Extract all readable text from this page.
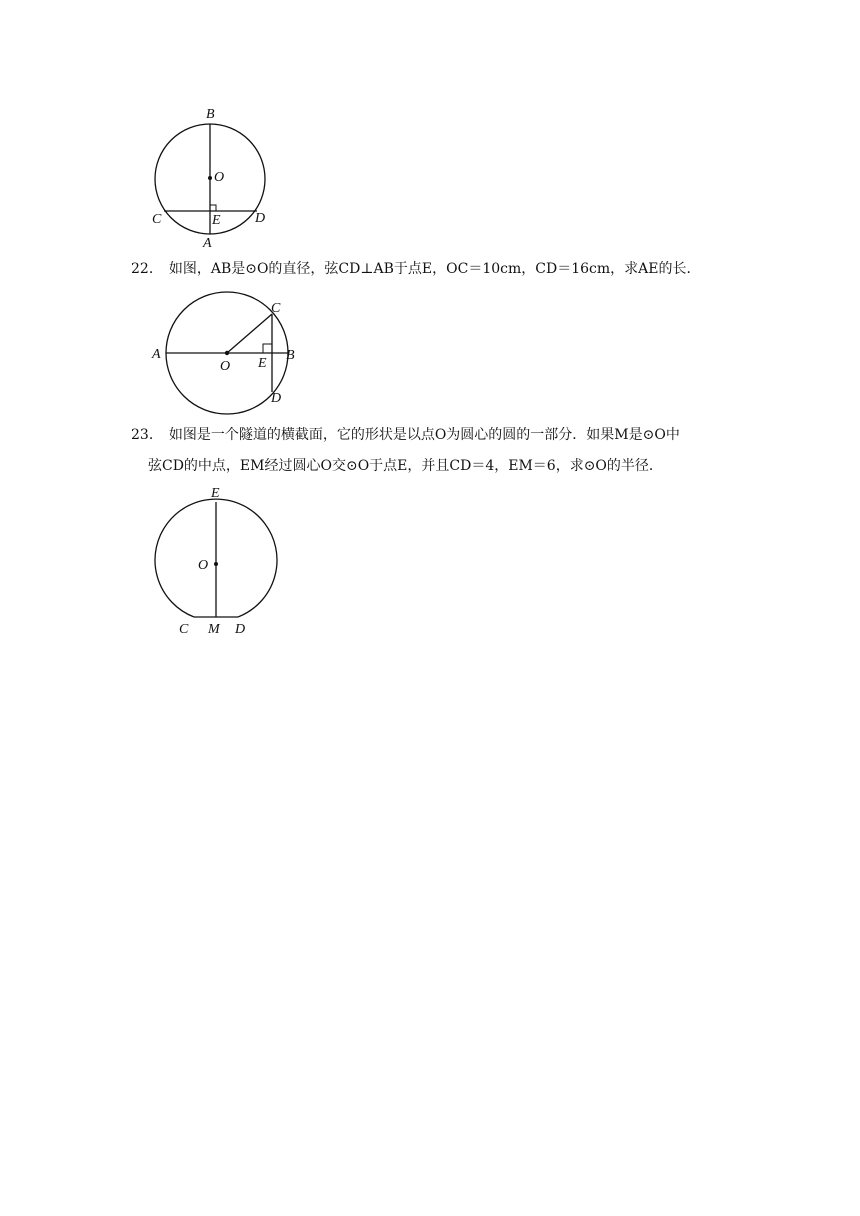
B
O
C	E D
A
22． 如图，AB是⊙O的直径，弦CD⊥AB于点E，OC＝10cm，CD＝16cm，求AE的长．
A
O E
B
C
D
23． 如图是一个隧道的横截面，它的形状是以点O为圆心的圆的一部分．如果M是⊙O中
弦CD的中点，EM经过圆心O交⊙O于点E，并且CD＝4，EM＝6，求⊙O的半径．
E
O
C M D
